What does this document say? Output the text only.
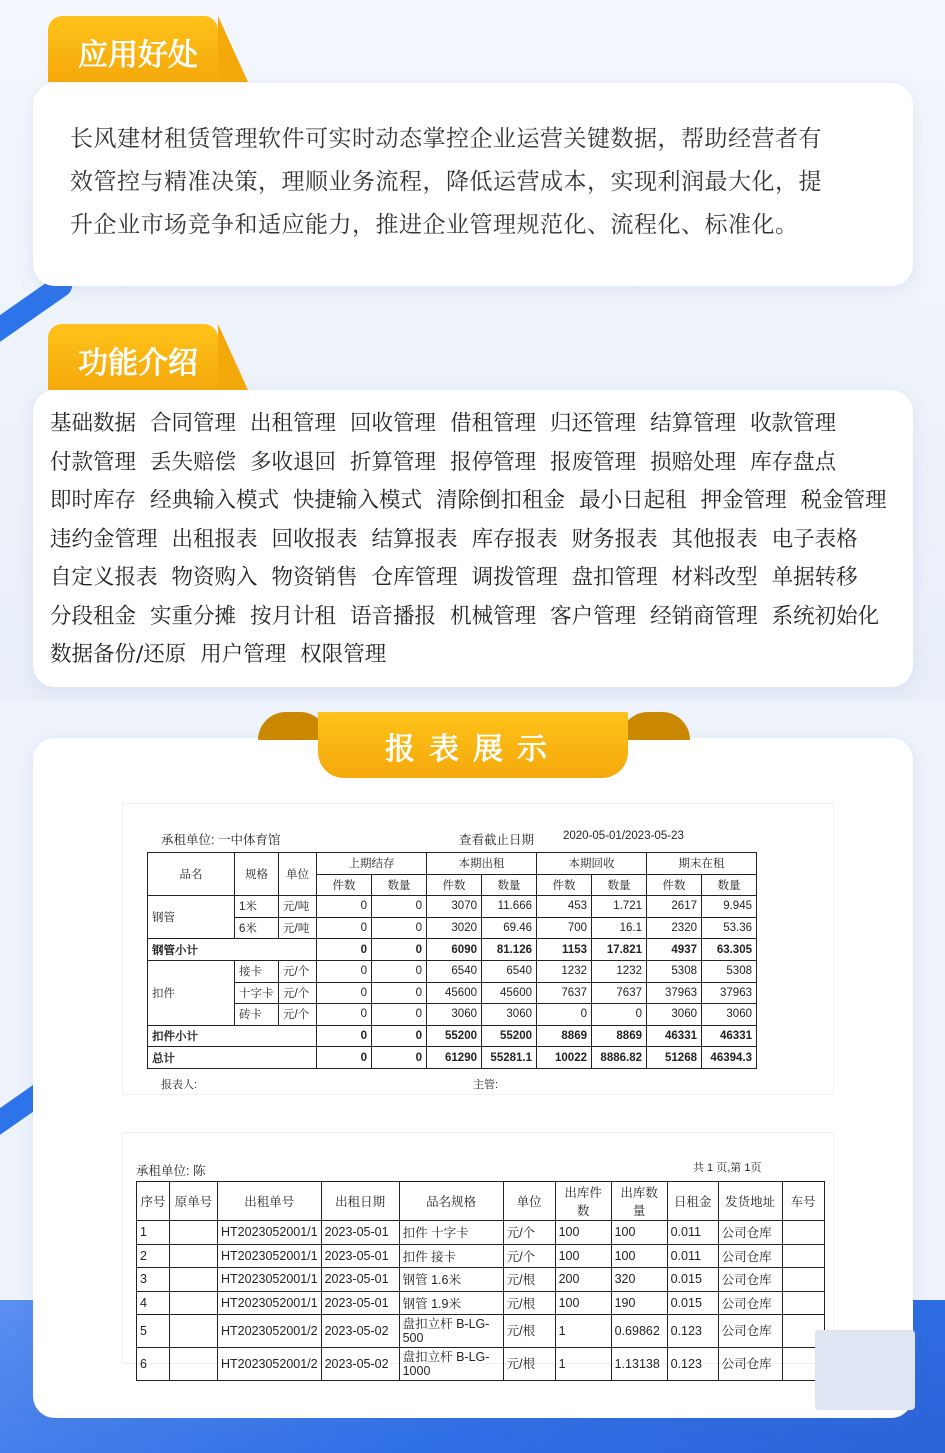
应用好处
长风建材租赁管理软件可实时动态掌控企业运营关键数据，帮助经营者有
效管控与精准决策，理顺业务流程，降低运营成本，实现利润最大化，提
升企业市场竞争和适应能力，推进企业管理规范化、流程化、标准化。
功能介绍
基础数据 合同管理 出租管理 回收管理 借租管理 归还管理 结算管理 收款管理
付款管理 丢失赔偿 多收退回 折算管理 报停管理 报废管理 损赔处理 库存盘点
即时库存 经典输入模式 快捷输入模式 清除倒扣租金 最小日起租 押金管理 税金管理
违约金管理 出租报表 回收报表 结算报表 库存报表 财务报表 其他报表 电子表格
自定义报表 物资购入 物资销售 仓库管理 调拨管理 盘扣管理 材料改型 单据转移
分段租金 实重分摊 按月计租 语音播报 机械管理 客户管理 经销商管理 系统初始化
数据备份/还原 用户管理 权限管理
报表展示
承租单位: 一中体育馆	查看截止日期	2020-05-01/2023-05-23
品名	规格	单位	上期结存		本期出租		本期回收		期末在租	
			件数	数量	件数	数量	件数	数量	件数	数量
钢管	1米	元/吨	0	0	3070	11.666	453	1.721	2617	9.945
	6米	元/吨	0	0	3020	69.46	700	16.1	2320	53.36
钢管小计			0	0	6090	81.126	1153	17.821	4937	63.305
扣件	接卡	元/个	0	0	6540	6540	1232	1232	5308	5308
	十字卡	元/个	0	0	45600	45600	7637	7637	37963	37963
	砖卡	元/个	0	0	3060	3060	0	0	3060	3060
扣件小计			0	0	55200	55200	8869	8869	46331	46331
总计			0	0	61290	55281.1	10022	8886.82	51268	46394.3
报表人:	主管:
承租单位: 陈	共 1 页,第 1页
序号	原单号	出租单号	出租日期	品名规格	单位	出库件数	出库数量	日租金	发货地址	车号
1		HT2023052001/1	2023-05-01	扣件 十字卡	元/个	100	100	0.011	公司仓库	
2		HT2023052001/1	2023-05-01	扣件 接卡	元/个	100	100	0.011	公司仓库	
3		HT2023052001/1	2023-05-01	钢管 1.6米	元/根	200	320	0.015	公司仓库	
4		HT2023052001/1	2023-05-01	钢管 1.9米	元/根	100	190	0.015	公司仓库	
5		HT2023052001/2	2023-05-02	盘扣立杆 B-LG-500	元/根	1	0.69862	0.123	公司仓库	
6		HT2023052001/2	2023-05-02	盘扣立杆 B-LG-1000	元/根	1	1.13138	0.123	公司仓库	
